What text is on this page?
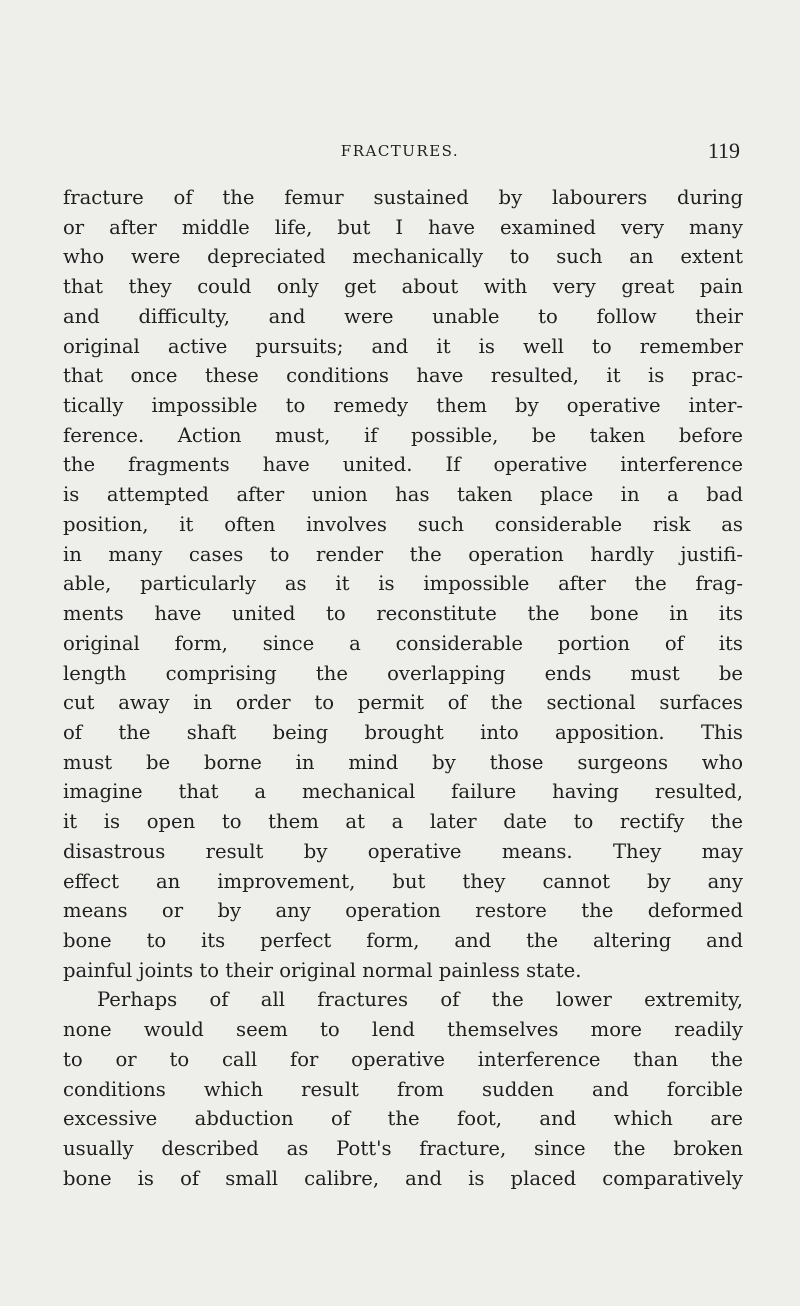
FRACTURES.	119
fracture of the femur sustained by labourers during
or after middle life, but I have examined very many
who were depreciated mechanically to such an extent
that they could only get about with very great pain
and difficulty, and were unable to follow their
original active pursuits; and it is well to remember
that once these conditions have resulted, it is prac-
tically impossible to remedy them by operative inter-
ference. Action must, if possible, be taken before
the fragments have united. If operative interference
is attempted after union has taken place in a bad
position, it often involves such considerable risk as
in many cases to render the operation hardly justifi-
able, particularly as it is impossible after the frag-
ments have united to reconstitute the bone in its
original form, since a considerable portion of its
length comprising the overlapping ends must be
cut away in order to permit of the sectional surfaces
of the shaft being brought into apposition. This
must be borne in mind by those surgeons who
imagine that a mechanical failure having resulted,
it is open to them at a later date to rectify the
disastrous result by operative means. They may
effect an improvement, but they cannot by any
means or by any operation restore the deformed
bone to its perfect form, and the altering and
painful joints to their original normal painless state.
Perhaps of all fractures of the lower extremity,
none would seem to lend themselves more readily
to or to call for operative interference than the
conditions which result from sudden and forcible
excessive abduction of the foot, and which are
usually described as Pott's fracture, since the broken
bone is of small calibre, and is placed comparatively
